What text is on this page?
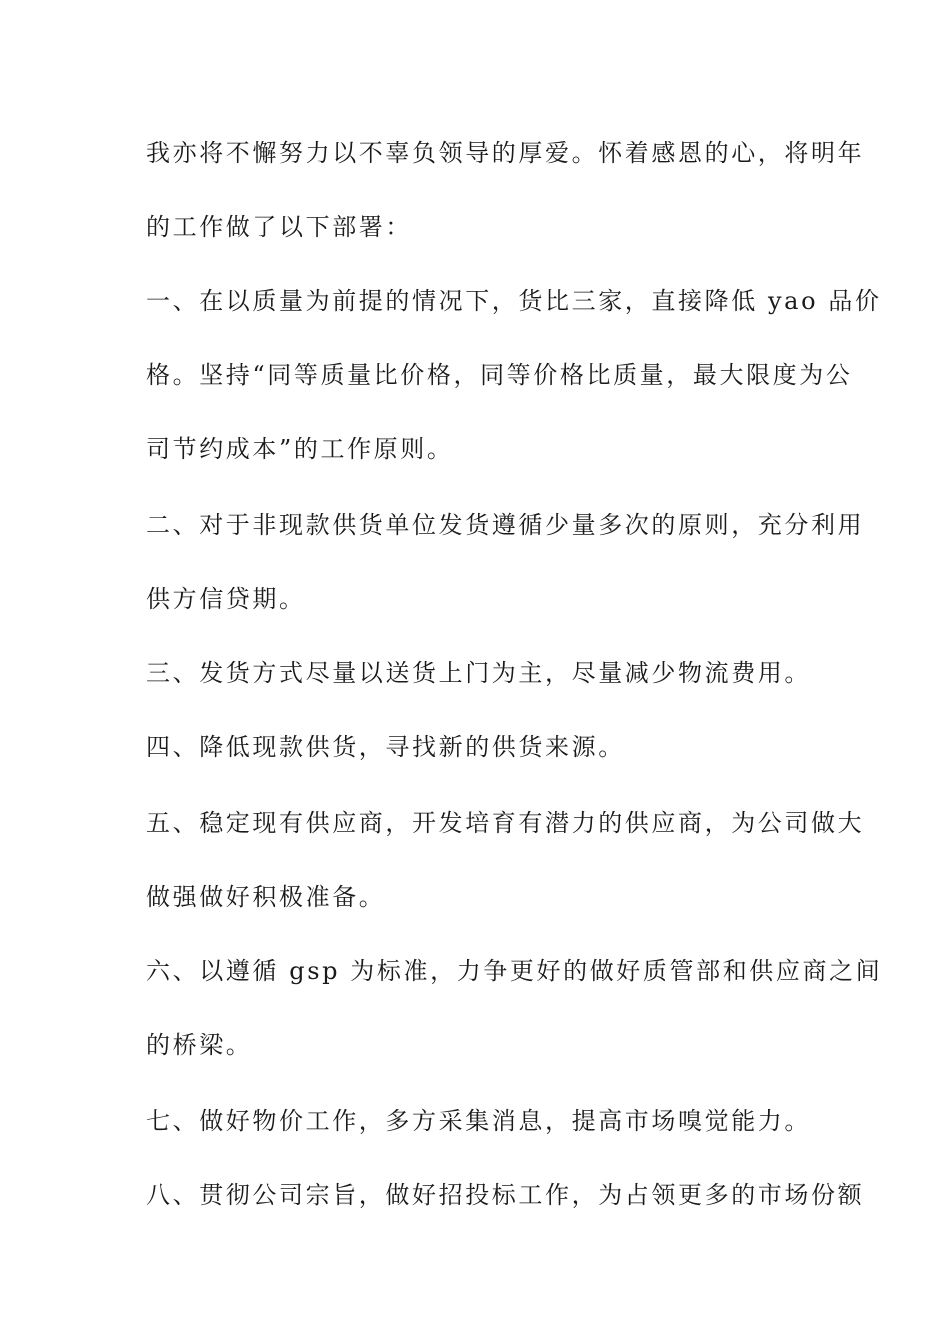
我亦将不懈努力以不辜负领导的厚爱。怀着感恩的心，将明年
的工作做了以下部署：
一、在以质量为前提的情况下，货比三家，直接降低 yao 品价
格。坚持“同等质量比价格，同等价格比质量，最大限度为公
司节约成本”的工作原则。
二、对于非现款供货单位发货遵循少量多次的原则，充分利用
供方信贷期。
三、发货方式尽量以送货上门为主，尽量减少物流费用。
四、降低现款供货，寻找新的供货来源。
五、稳定现有供应商，开发培育有潜力的供应商，为公司做大
做强做好积极准备。
六、以遵循 gsp 为标准，力争更好的做好质管部和供应商之间
的桥梁。
七、做好物价工作，多方采集消息，提高市场嗅觉能力。
八、贯彻公司宗旨，做好招投标工作，为占领更多的市场份额
